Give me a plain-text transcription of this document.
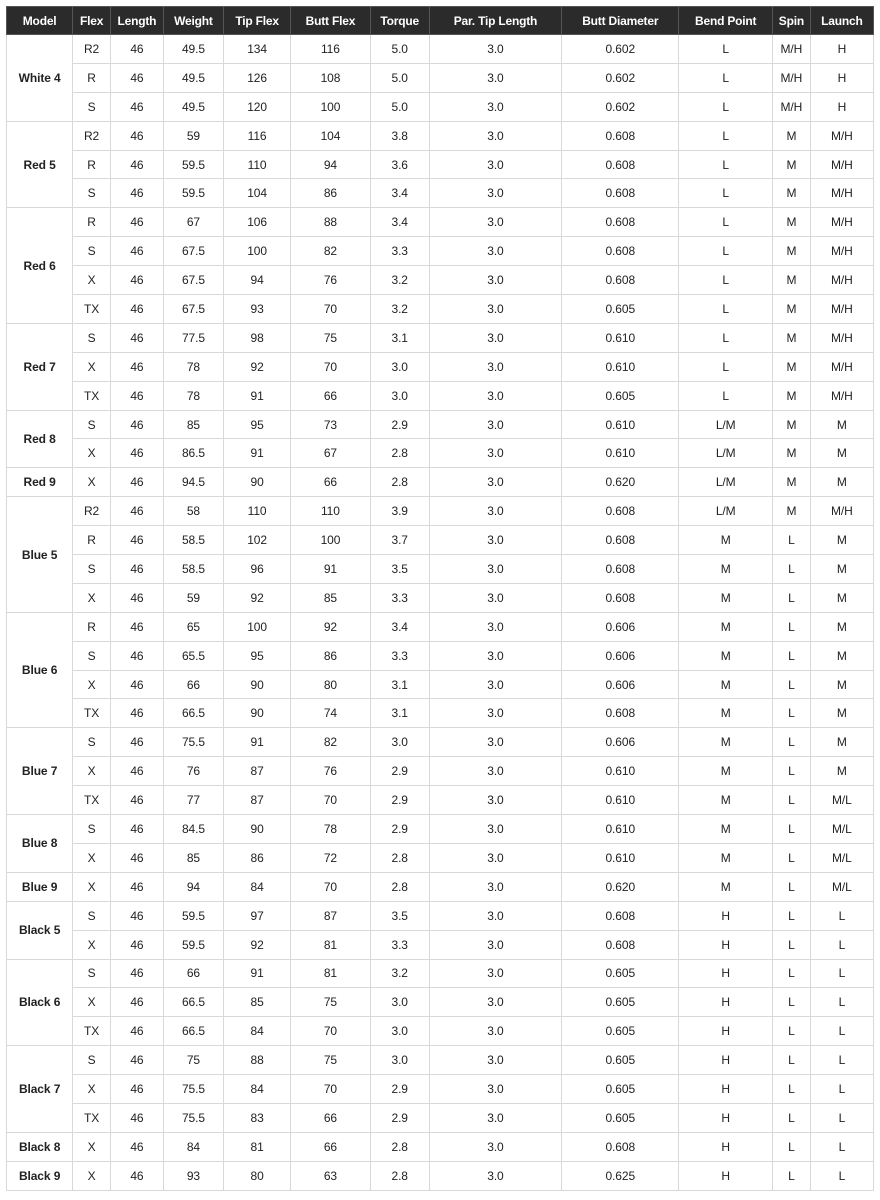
Model	Flex	Length	Weight	Tip Flex	Butt Flex	Torque	Par. Tip Length	Butt Diameter	Bend Point	Spin	Launch
White 4	R2	46	49.5	134	116	5.0	3.0	0.602	L	M/H	H
	R	46	49.5	126	108	5.0	3.0	0.602	L	M/H	H
	S	46	49.5	120	100	5.0	3.0	0.602	L	M/H	H
Red 5	R2	46	59	116	104	3.8	3.0	0.608	L	M	M/H
	R	46	59.5	110	94	3.6	3.0	0.608	L	M	M/H
	S	46	59.5	104	86	3.4	3.0	0.608	L	M	M/H
Red 6	R	46	67	106	88	3.4	3.0	0.608	L	M	M/H
	S	46	67.5	100	82	3.3	3.0	0.608	L	M	M/H
	X	46	67.5	94	76	3.2	3.0	0.608	L	M	M/H
	TX	46	67.5	93	70	3.2	3.0	0.605	L	M	M/H
Red 7	S	46	77.5	98	75	3.1	3.0	0.610	L	M	M/H
	X	46	78	92	70	3.0	3.0	0.610	L	M	M/H
	TX	46	78	91	66	3.0	3.0	0.605	L	M	M/H
Red 8	S	46	85	95	73	2.9	3.0	0.610	L/M	M	M
	X	46	86.5	91	67	2.8	3.0	0.610	L/M	M	M
Red 9	X	46	94.5	90	66	2.8	3.0	0.620	L/M	M	M
Blue 5	R2	46	58	110	110	3.9	3.0	0.608	L/M	M	M/H
	R	46	58.5	102	100	3.7	3.0	0.608	M	L	M
	S	46	58.5	96	91	3.5	3.0	0.608	M	L	M
	X	46	59	92	85	3.3	3.0	0.608	M	L	M
Blue 6	R	46	65	100	92	3.4	3.0	0.606	M	L	M
	S	46	65.5	95	86	3.3	3.0	0.606	M	L	M
	X	46	66	90	80	3.1	3.0	0.606	M	L	M
	TX	46	66.5	90	74	3.1	3.0	0.608	M	L	M
Blue 7	S	46	75.5	91	82	3.0	3.0	0.606	M	L	M
	X	46	76	87	76	2.9	3.0	0.610	M	L	M
	TX	46	77	87	70	2.9	3.0	0.610	M	L	M/L
Blue 8	S	46	84.5	90	78	2.9	3.0	0.610	M	L	M/L
	X	46	85	86	72	2.8	3.0	0.610	M	L	M/L
Blue 9	X	46	94	84	70	2.8	3.0	0.620	M	L	M/L
Black 5	S	46	59.5	97	87	3.5	3.0	0.608	H	L	L
	X	46	59.5	92	81	3.3	3.0	0.608	H	L	L
Black 6	S	46	66	91	81	3.2	3.0	0.605	H	L	L
	X	46	66.5	85	75	3.0	3.0	0.605	H	L	L
	TX	46	66.5	84	70	3.0	3.0	0.605	H	L	L
Black 7	S	46	75	88	75	3.0	3.0	0.605	H	L	L
	X	46	75.5	84	70	2.9	3.0	0.605	H	L	L
	TX	46	75.5	83	66	2.9	3.0	0.605	H	L	L
Black 8	X	46	84	81	66	2.8	3.0	0.608	H	L	L
Black 9	X	46	93	80	63	2.8	3.0	0.625	H	L	L
